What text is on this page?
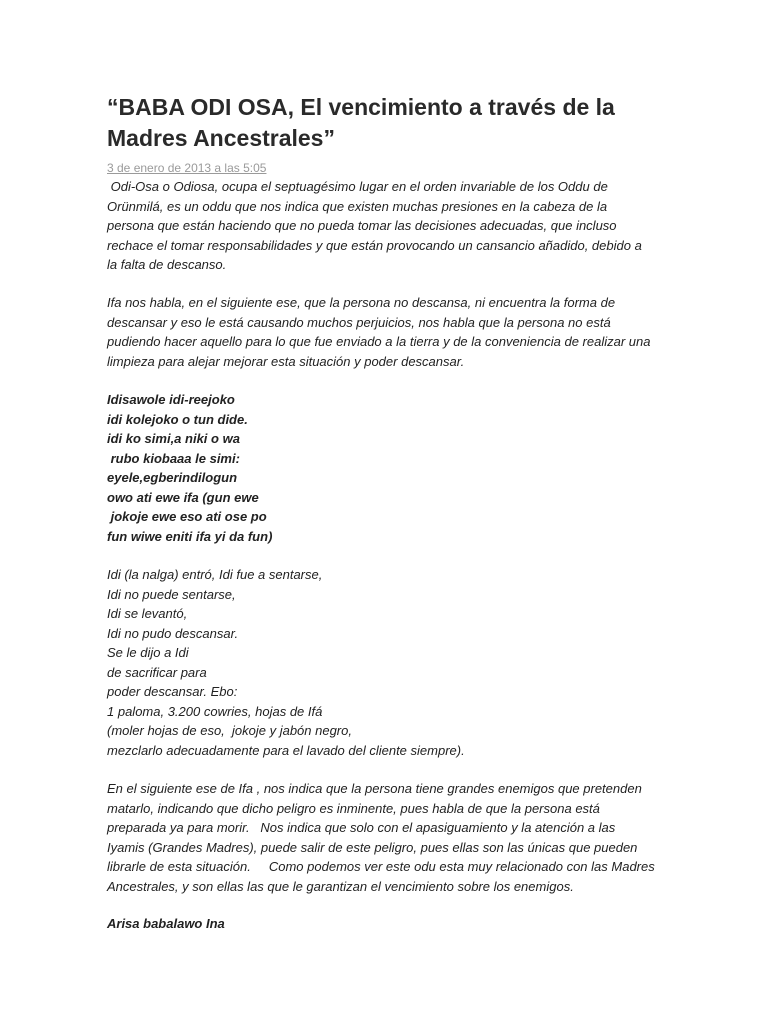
“BABA ODI OSA, El vencimiento a través de la
Madres Ancestrales”
3 de enero de 2013 a las 5:05
Odi-Osa o Odiosa, ocupa el septuagésimo lugar en el orden invariable de los Oddu de
Orünmilá, es un oddu que nos indica que existen muchas presiones en la cabeza de la
persona que están haciendo que no pueda tomar las decisiones adecuadas, que incluso
rechace el tomar responsabilidades y que están provocando un cansancio añadido, debido a
la falta de descanso.
Ifa nos habla, en el siguiente ese, que la persona no descansa, ni encuentra la forma de
descansar y eso le está causando muchos perjuicios, nos habla que la persona no está
pudiendo hacer aquello para lo que fue enviado a la tierra y de la conveniencia de realizar una
limpieza para alejar mejorar esta situación y poder descansar.
Idisawole idi-reejoko
idi kolejoko o tun dide.
idi ko simi,a niki o wa
rubo kiobaaa le simi:
eyele,egberindilogun
owo ati ewe ifa (gun ewe
jokoje ewe eso ati ose po
fun wiwe eniti ifa yi da fun)
Idi (la nalga) entró, Idi fue a sentarse,
Idi no puede sentarse,
Idi se levantó,
Idi no pudo descansar.
Se le dijo a Idi
de sacrificar para
poder descansar. Ebo:
1 paloma, 3.200 cowries, hojas de Ifá
(moler hojas de eso,  jokoje y jabón negro,
mezclarlo adecuadamente para el lavado del cliente siempre).
En el siguiente ese de Ifa , nos indica que la persona tiene grandes enemigos que pretenden
matarlo, indicando que dicho peligro es inminente, pues habla de que la persona está
preparada ya para morir.   Nos indica que solo con el apasiguamiento y la atención a las
Iyamis (Grandes Madres), puede salir de este peligro, pues ellas son las únicas que pueden
librarle de esta situación.     Como podemos ver este odu esta muy relacionado con las Madres
Ancestrales, y son ellas las que le garantizan el vencimiento sobre los enemigos.
Arisa babalawo Ina
